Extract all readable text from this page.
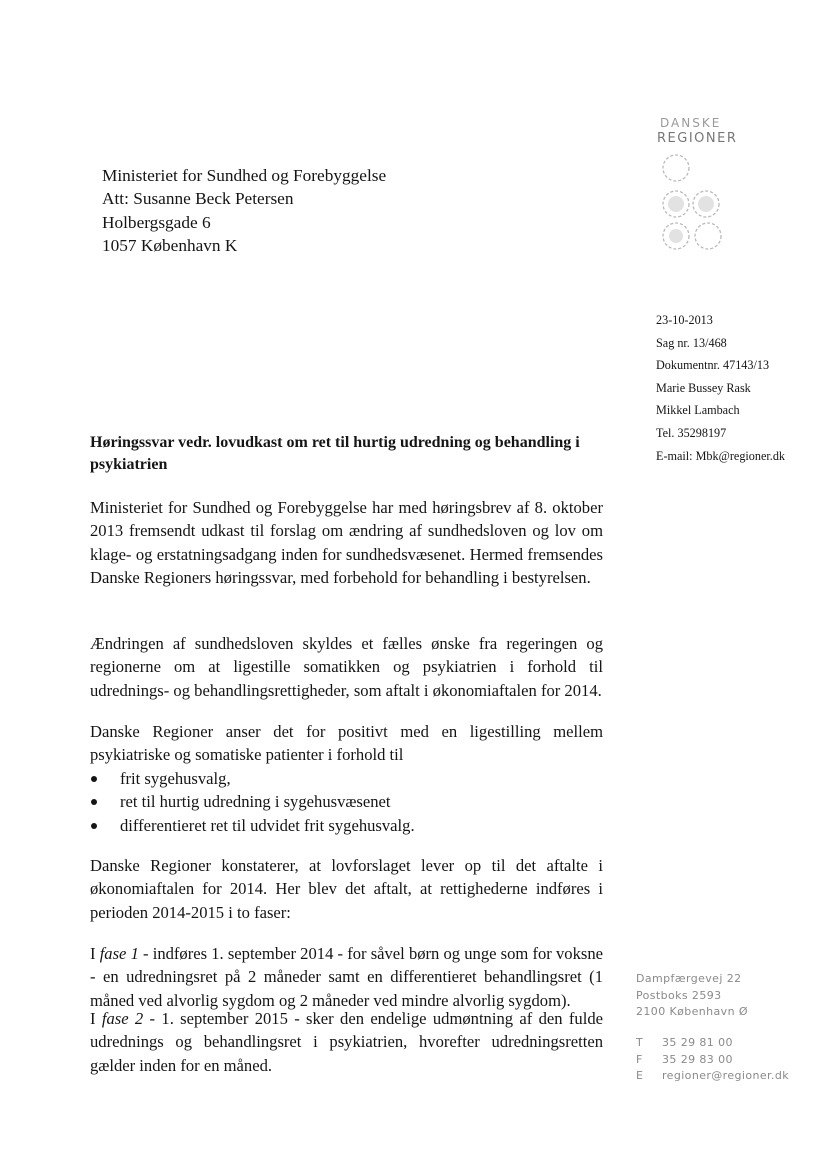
DANSKE
REGIONER
Ministeriet for Sundhed og Forebyggelse
Att: Susanne Beck Petersen
Holbergsgade 6
1057 København K
23-10-2013
Sag nr. 13/468
Dokumentnr. 47143/13
Marie Bussey Rask
Mikkel Lambach
Tel. 35298197
E-mail: Mbk@regioner.dk
Høringssvar vedr. lovudkast om ret til hurtig udredning og behandling i psykiatrien

Ministeriet for Sundhed og Forebyggelse har med høringsbrev af 8. oktober 2013 fremsendt udkast til forslag om ændring af sundhedsloven og lov om klage- og erstatningsadgang inden for sundhedsvæsenet. Hermed fremsendes Danske Regioners høringssvar, med forbehold for behandling i bestyrelsen.

Ændringen af sundhedsloven skyldes et fælles ønske fra regeringen og regionerne om at ligestille somatikken og psykiatrien i forhold til udrednings- og behandlingsrettigheder, som aftalt i økonomiaftalen for 2014.

Danske Regioner anser det for positivt med en ligestilling mellem psykiatriske og somatiske patienter i forhold til

frit sygehusvalg,
ret til hurtig udredning i sygehusvæsenet
differentieret ret til udvidet frit sygehusvalg.

Danske Regioner konstaterer, at lovforslaget lever op til det aftalte i økonomiaftalen for 2014. Her blev det aftalt, at rettighederne indføres i perioden 2014-2015 i to faser:

I fase 1 - indføres 1. september 2014 - for såvel børn og unge som for voksne - en udredningsret på 2 måneder samt en differentieret behandlingsret (1 måned ved alvorlig sygdom og 2 måneder ved mindre alvorlig sygdom).

I fase 2 - 1. september 2015 - sker den endelige udmøntning af den fulde udrednings og behandlingsret i psykiatrien, hvorefter udredningsretten gælder inden for en måned.

Dampfærgevej 22
Postboks 2593
2100 København Ø
T 35 29 81 00
F 35 29 83 00
E regioner@regioner.dk
